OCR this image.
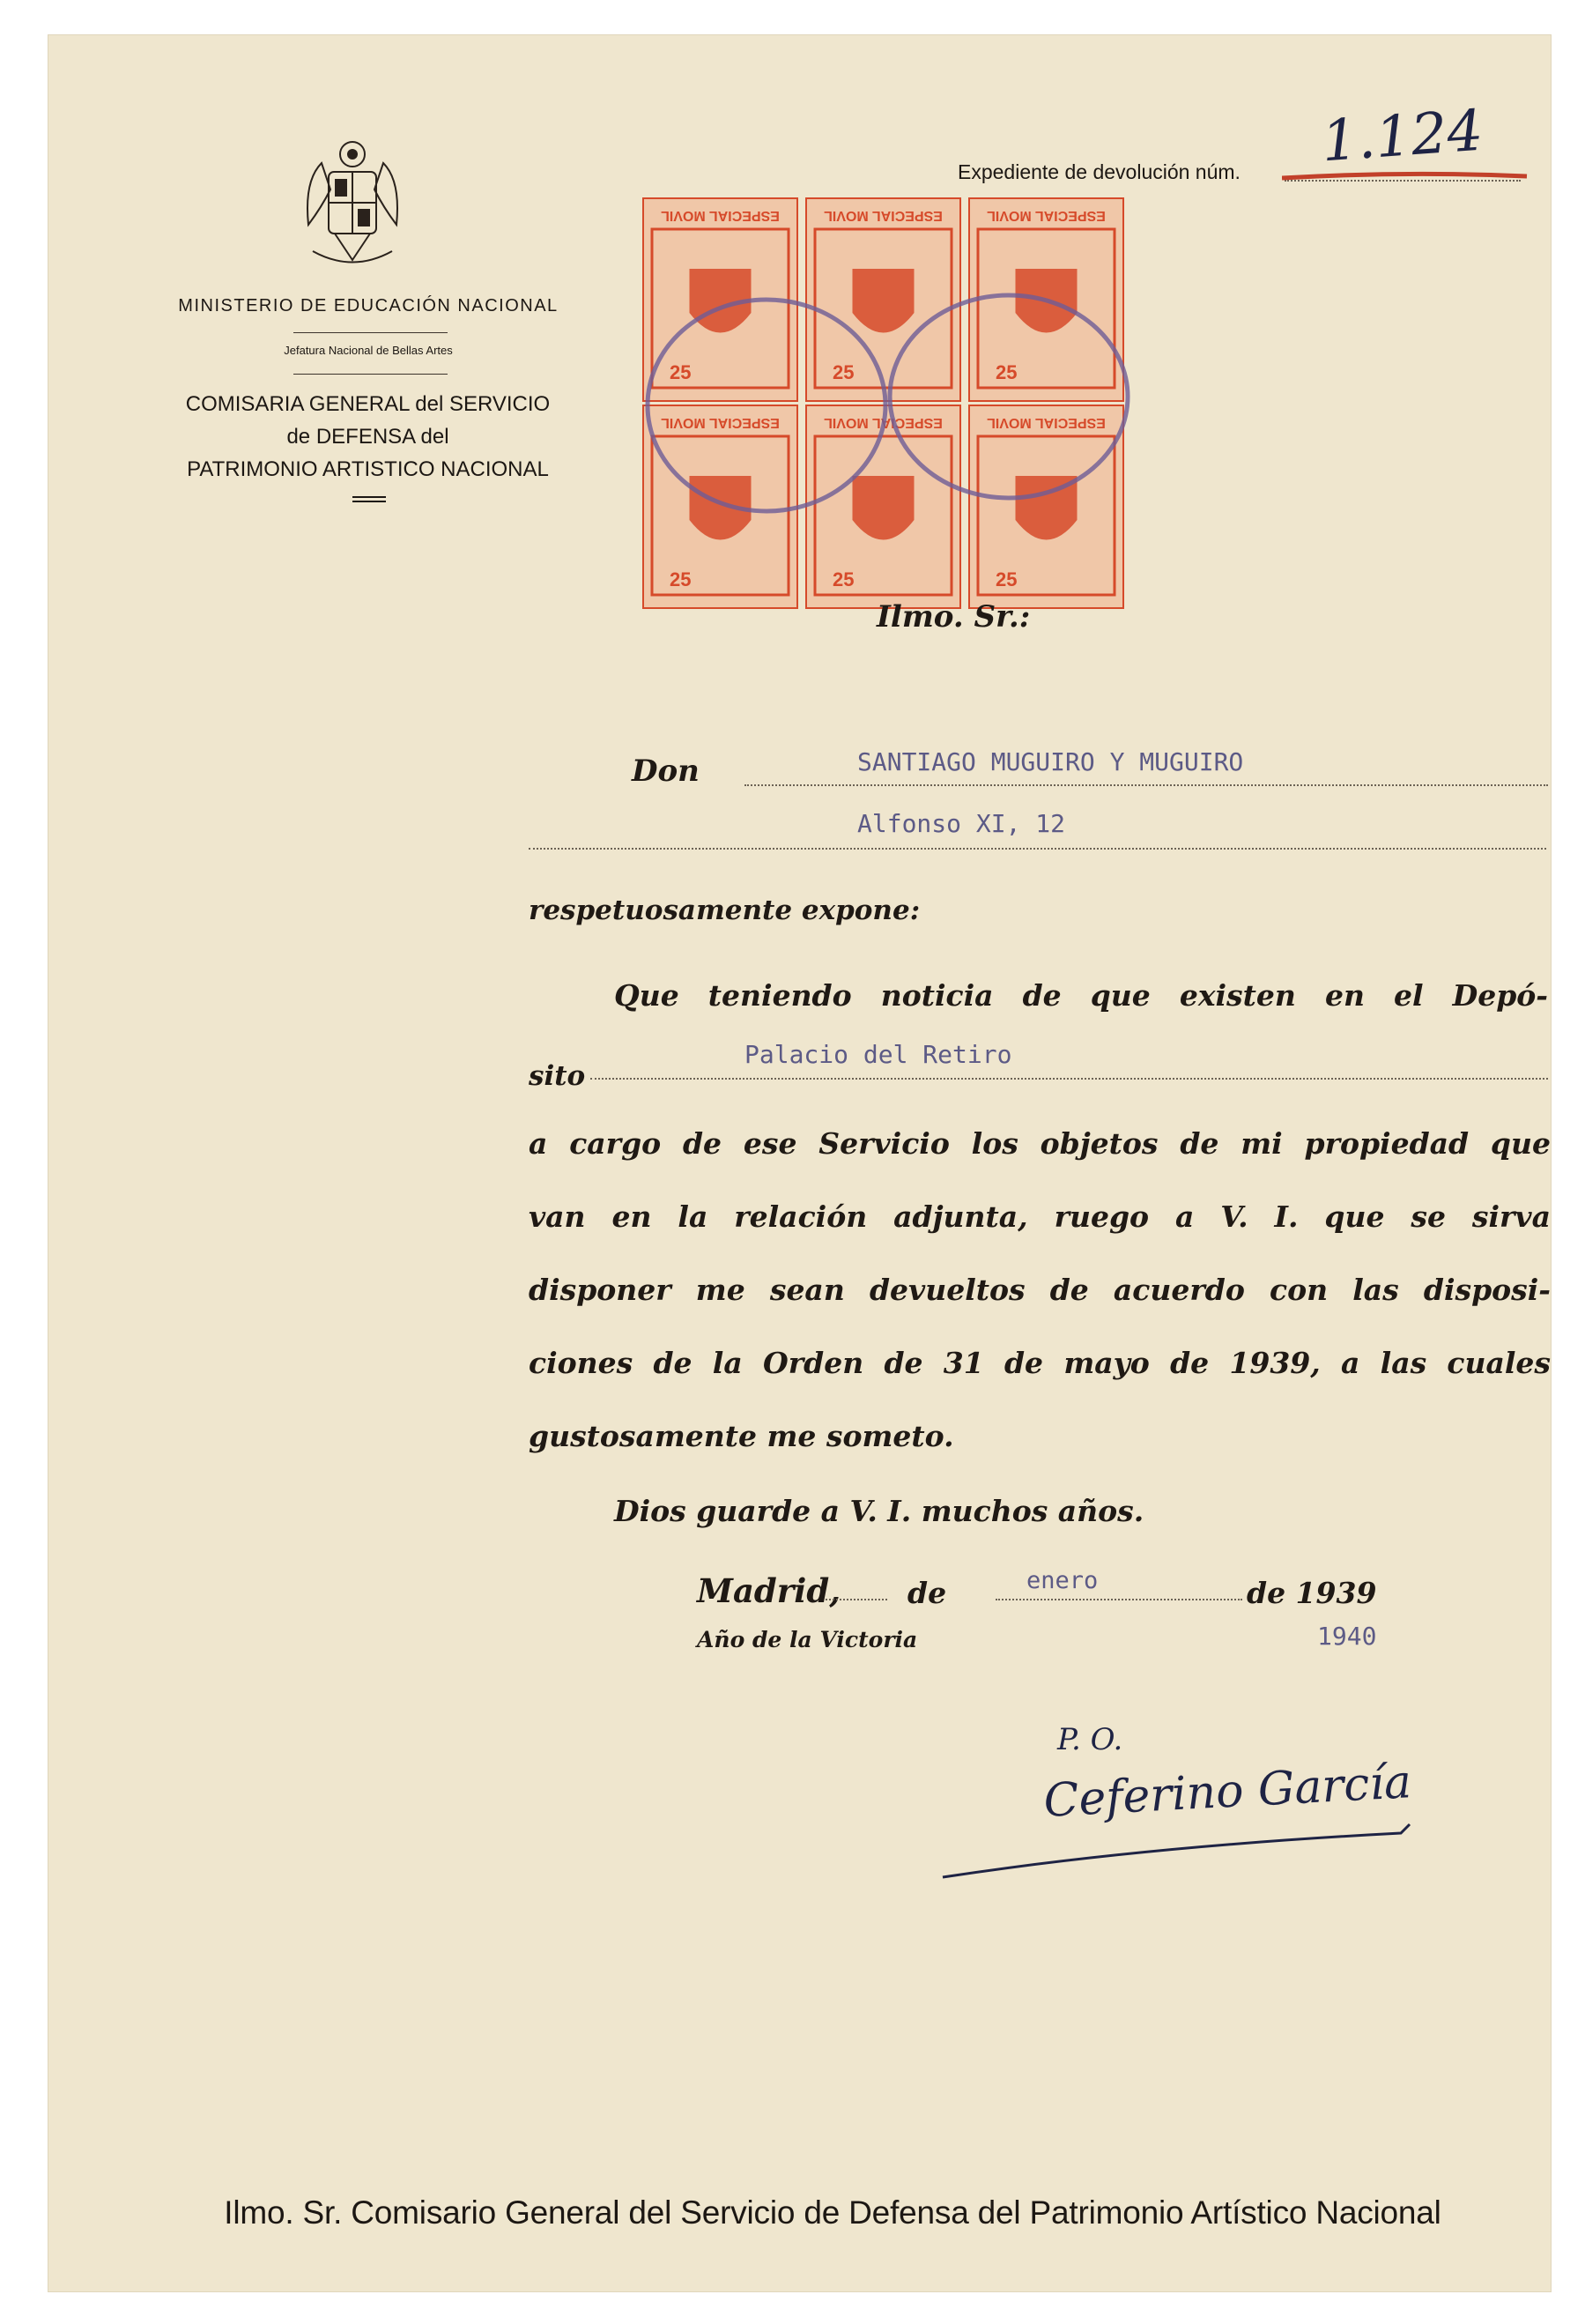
MINISTERIO DE EDUCACIÓN NACIONAL
Jefatura Nacional de Bellas Artes
COMISARIA GENERAL del SERVICIO
de DEFENSA del
PATRIMONIO ARTISTICO NACIONAL
Expediente de devolución núm. 1.124
ESPECIAL MOVIL
25
ESPECIAL MOVIL
25
ESPECIAL MOVIL
25
ESPECIAL MOVIL
25
ESPECIAL MOVIL
25
ESPECIAL MOVIL
25
Ilmo. Sr.:
Don	SANTIAGO MUGUIRO Y MUGUIRO
Alfonso XI, 12
respetuosamente expone:
Que teniendo noticia de que existen en el Depó-
sito
Palacio del Retiro
a cargo de ese Servicio los objetos de mi propiedad que
van en la relación adjunta, ruego a V. I. que se sirva
disponer me sean devueltos de acuerdo con las disposi-
ciones de la Orden de 31 de mayo de 1939, a las cuales
gustosamente me someto.
Dios guarde a V. I. muchos años.
Madrid, de	enero	de 1939
Año de la Victoria	1940
P. O.
Ceferino García
Ilmo. Sr. Comisario General del Servicio de Defensa del Patrimonio Artístico Nacional
